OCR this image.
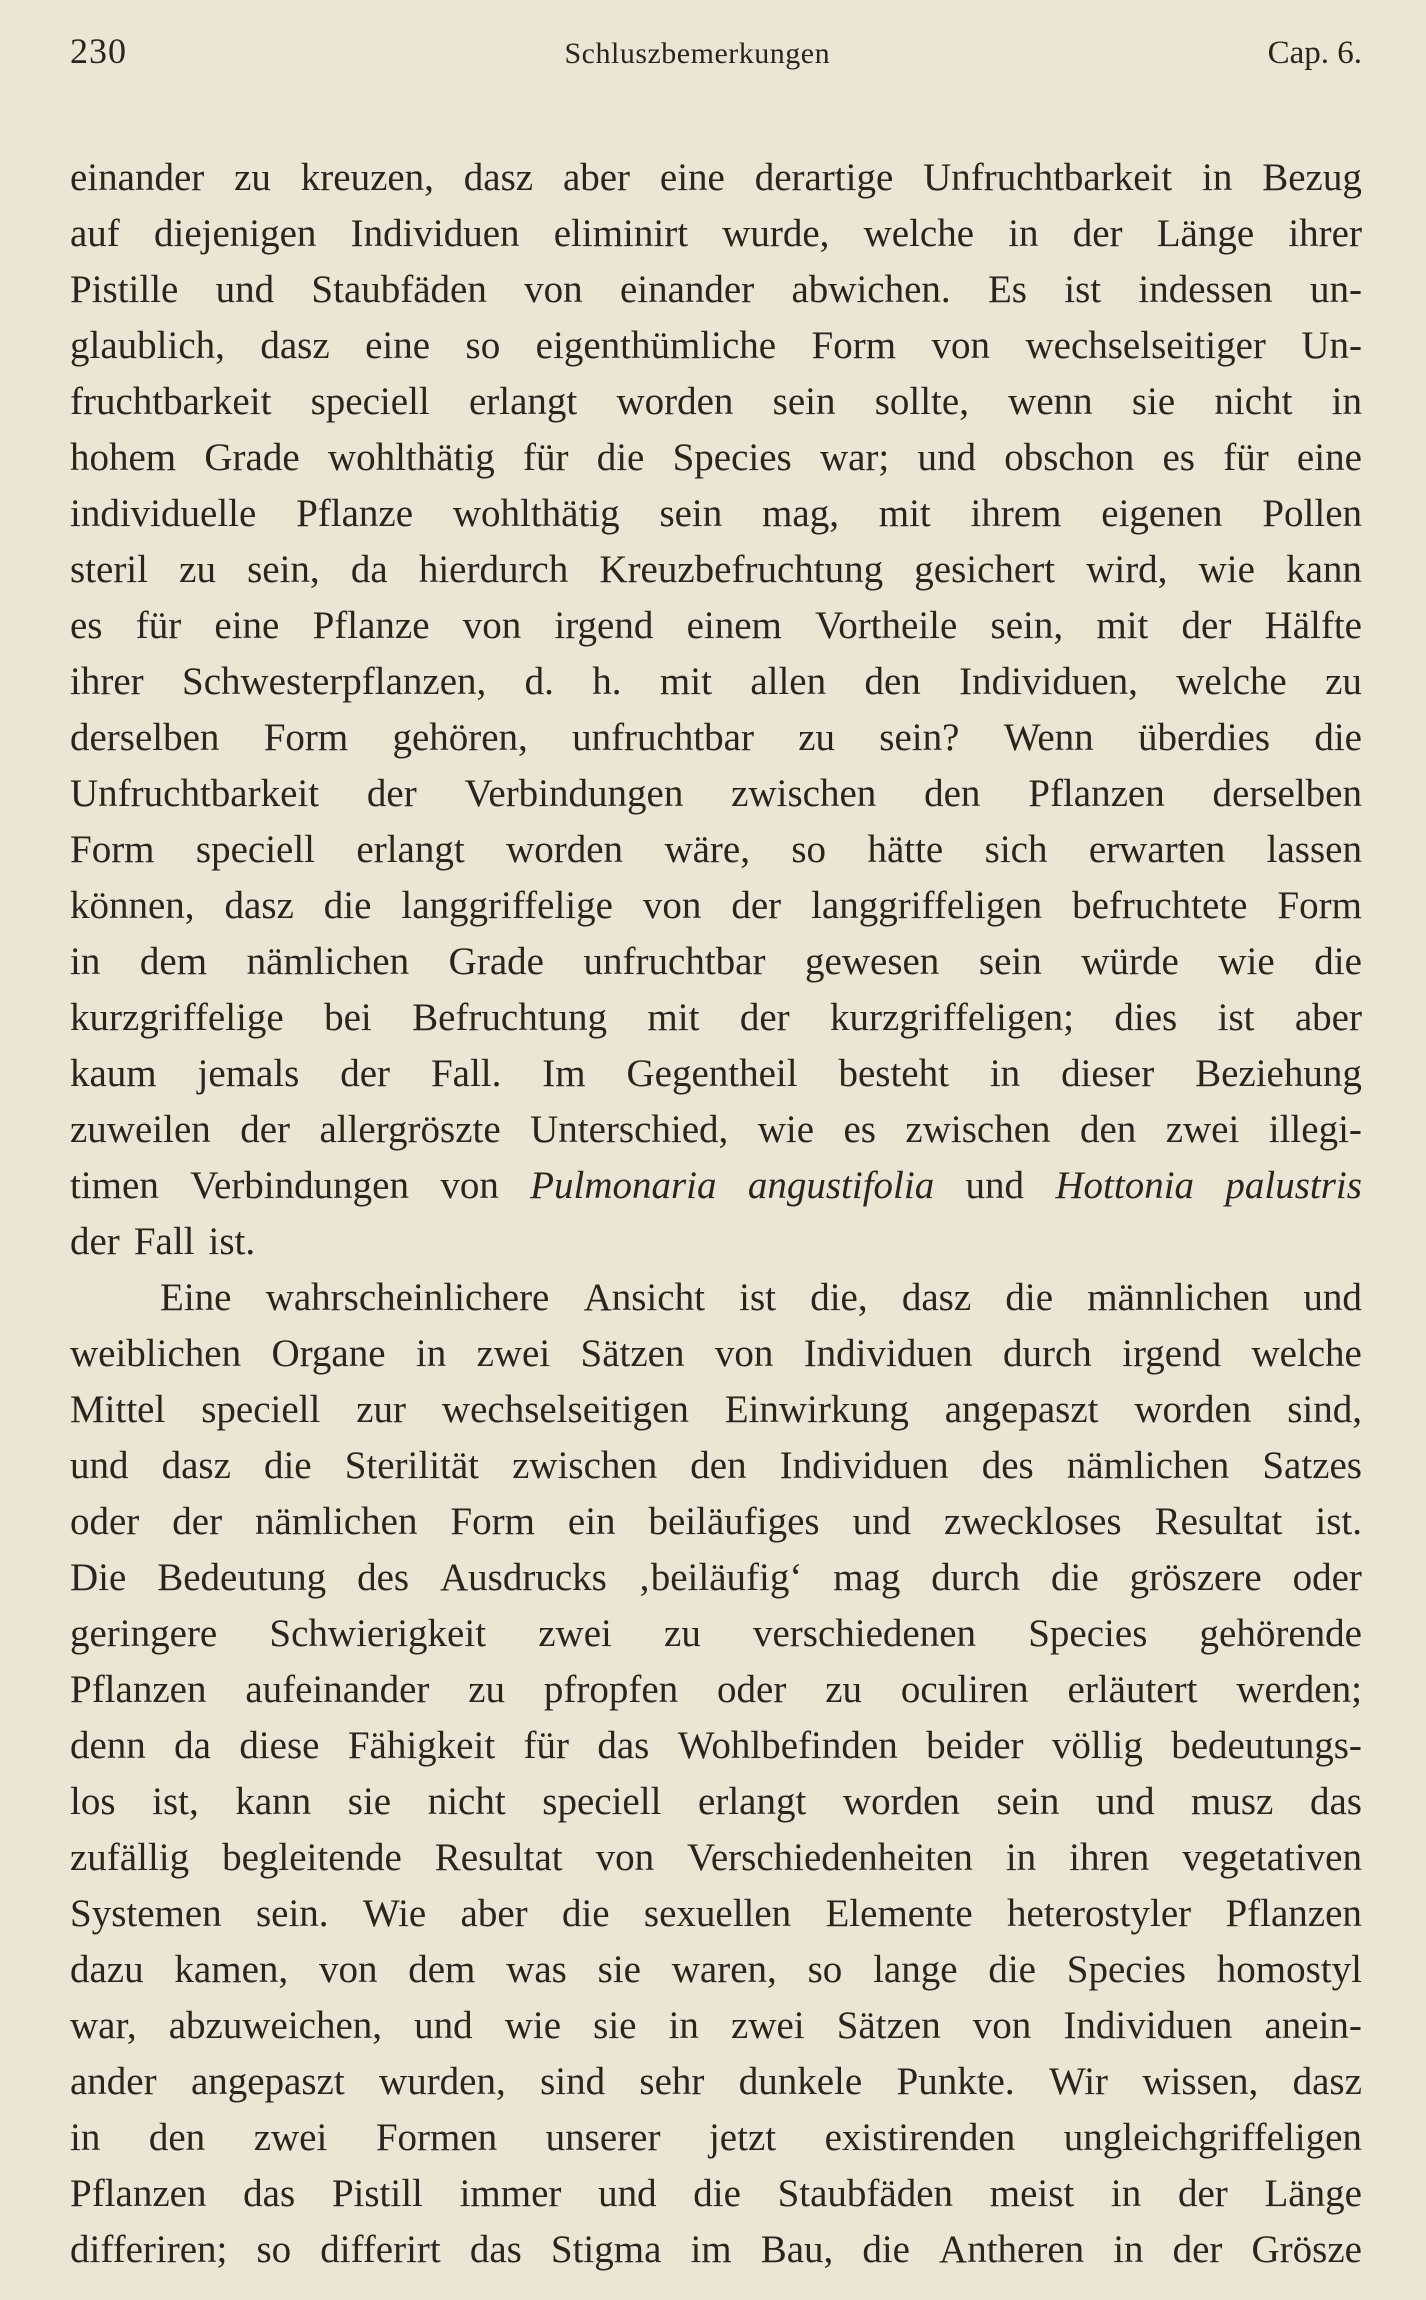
230	Schluszbemerkungen	Cap. 6.
einander zu kreuzen, dasz aber eine derartige Unfruchtbarkeit in Bezug
auf diejenigen Individuen eliminirt wurde, welche in der Länge ihrer
Pistille und Staubfäden von einander abwichen. Es ist indessen un-
glaublich, dasz eine so eigenthümliche Form von wechselseitiger Un-
fruchtbarkeit speciell erlangt worden sein sollte, wenn sie nicht in
hohem Grade wohlthätig für die Species war; und obschon es für eine
individuelle Pflanze wohlthätig sein mag, mit ihrem eigenen Pollen
steril zu sein, da hierdurch Kreuzbefruchtung gesichert wird, wie kann
es für eine Pflanze von irgend einem Vortheile sein, mit der Hälfte
ihrer Schwesterpflanzen, d. h. mit allen den Individuen, welche zu
derselben Form gehören, unfruchtbar zu sein? Wenn überdies die
Unfruchtbarkeit der Verbindungen zwischen den Pflanzen derselben
Form speciell erlangt worden wäre, so hätte sich erwarten lassen
können, dasz die langgriffelige von der langgriffeligen befruchtete Form
in dem nämlichen Grade unfruchtbar gewesen sein würde wie die
kurzgriffelige bei Befruchtung mit der kurzgriffeligen; dies ist aber
kaum jemals der Fall. Im Gegentheil besteht in dieser Beziehung
zuweilen der allergröszte Unterschied, wie es zwischen den zwei illegi-
timen Verbindungen von Pulmonaria angustifolia und Hottonia palustris
der Fall ist.
Eine wahrscheinlichere Ansicht ist die, dasz die männlichen und
weiblichen Organe in zwei Sätzen von Individuen durch irgend welche
Mittel speciell zur wechselseitigen Einwirkung angepaszt worden sind,
und dasz die Sterilität zwischen den Individuen des nämlichen Satzes
oder der nämlichen Form ein beiläufiges und zweckloses Resultat ist.
Die Bedeutung des Ausdrucks ‚beiläufig‘ mag durch die gröszere oder
geringere Schwierigkeit zwei zu verschiedenen Species gehörende
Pflanzen aufeinander zu pfropfen oder zu oculiren erläutert werden;
denn da diese Fähigkeit für das Wohlbefinden beider völlig bedeutungs-
los ist, kann sie nicht speciell erlangt worden sein und musz das
zufällig begleitende Resultat von Verschiedenheiten in ihren vegetativen
Systemen sein. Wie aber die sexuellen Elemente heterostyler Pflanzen
dazu kamen, von dem was sie waren, so lange die Species homostyl
war, abzuweichen, und wie sie in zwei Sätzen von Individuen anein-
ander angepaszt wurden, sind sehr dunkele Punkte. Wir wissen, dasz
in den zwei Formen unserer jetzt existirenden ungleichgriffeligen
Pflanzen das Pistill immer und die Staubfäden meist in der Länge
differiren; so differirt das Stigma im Bau, die Antheren in der Grösze
